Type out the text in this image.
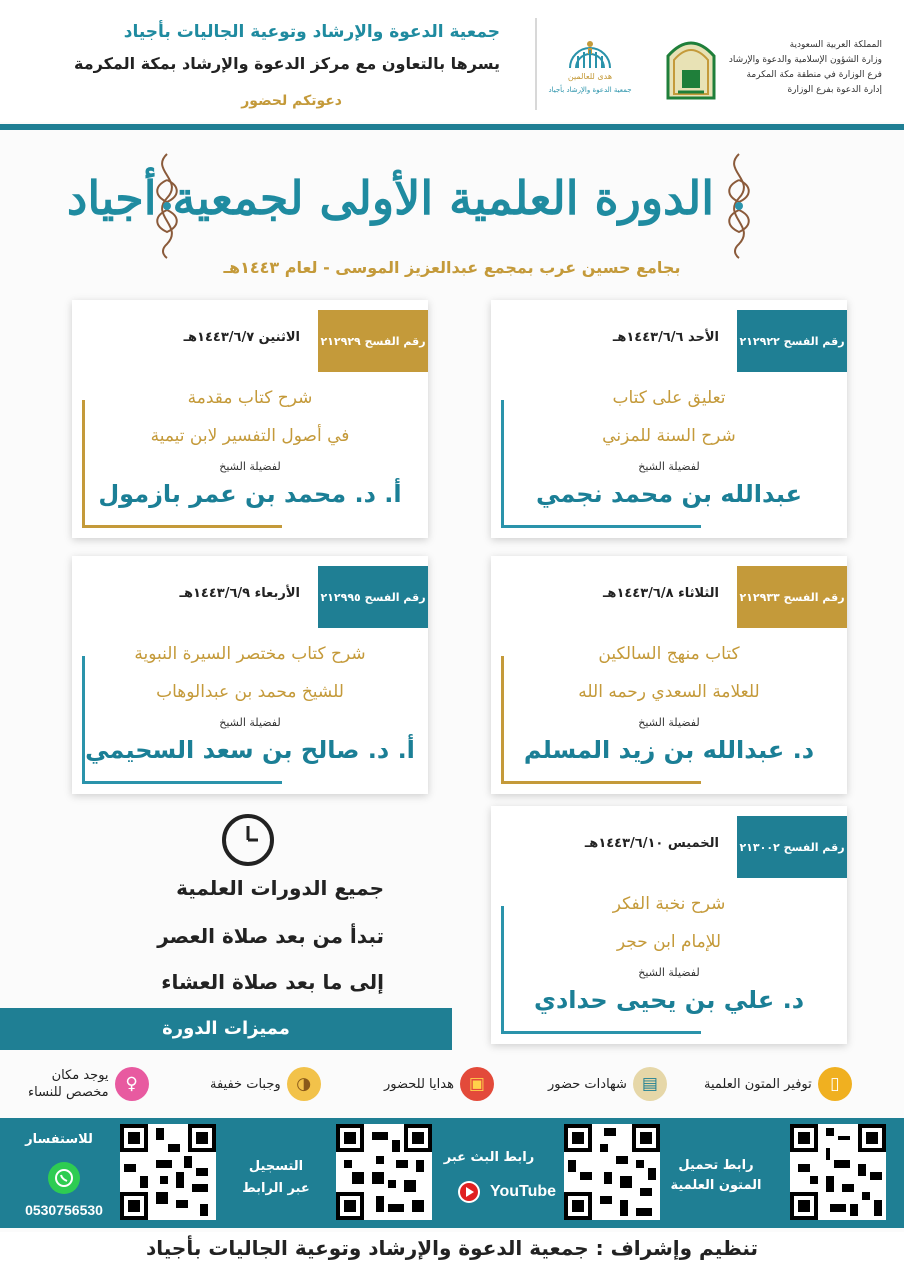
جمعية الدعوة والإرشاد وتوعية الجاليات بأجياد
يسرها بالتعاون مع مركز الدعوة والإرشاد بمكة المكرمة
دعوتكم لحضور
هدى للعالمين
جمعية الدعوة والإرشاد بأجياد
المملكة العربية السعودية
وزارة الشؤون الإسلامية والدعوة والإرشاد
فرع الوزارة في منطقة مكة المكرمة
إدارة الدعوة بفرع الوزارة
الدورة العلمية الأولى لجمعية أجياد
بجامع حسين عرب بمجمع عبدالعزيز الموسى - لعام ١٤٤٣هـ
رقم الفسح ٢١٢٩٢٢
الأحد ١٤٤٣/٦/٦هـ
تعليق على كتاب
شرح السنة للمزني
لفضيلة الشيخ
عبدالله بن محمد نجمي
رقم الفسح ٢١٢٩٢٩
الاثنين ١٤٤٣/٦/٧هـ
شرح كتاب مقدمة
في أصول التفسير لابن تيمية
لفضيلة الشيخ
أ. د. محمد بن عمر بازمول
رقم الفسح ٢١٢٩٣٣
الثلاثاء ١٤٤٣/٦/٨هـ
كتاب منهج السالكين
للعلامة السعدي رحمه الله
لفضيلة الشيخ
د. عبدالله بن زيد المسلم
رقم الفسح ٢١٢٩٩٥
الأربعاء ١٤٤٣/٦/٩هـ
شرح كتاب مختصر السيرة النبوية
للشيخ محمد بن عبدالوهاب
لفضيلة الشيخ
أ. د. صالح بن سعد السحيمي
رقم الفسح ٢١٣٠٠٢
الخميس ١٤٤٣/٦/١٠هـ
شرح نخبة الفكر
للإمام ابن حجر
لفضيلة الشيخ
د. علي بن يحيى حدادي
جميع الدورات العلمية
تبدأ من بعد صلاة العصر
إلى ما بعد صلاة العشاء
مميزات الدورة
▯
توفير المتون العلمية
▤
شهادات حضور
▣
هدايا للحضور
◑
وجبات خفيفة
♀
يوجد مكان
مخصص للنساء
رابط تحميل
المتون العلمية
رابط البث عبر
YouTube
التسجيل
عبر الرابط
للاستفسار
0530756530
تنظيم وإشراف : جمعية الدعوة والإرشاد وتوعية الجاليات بأجياد
